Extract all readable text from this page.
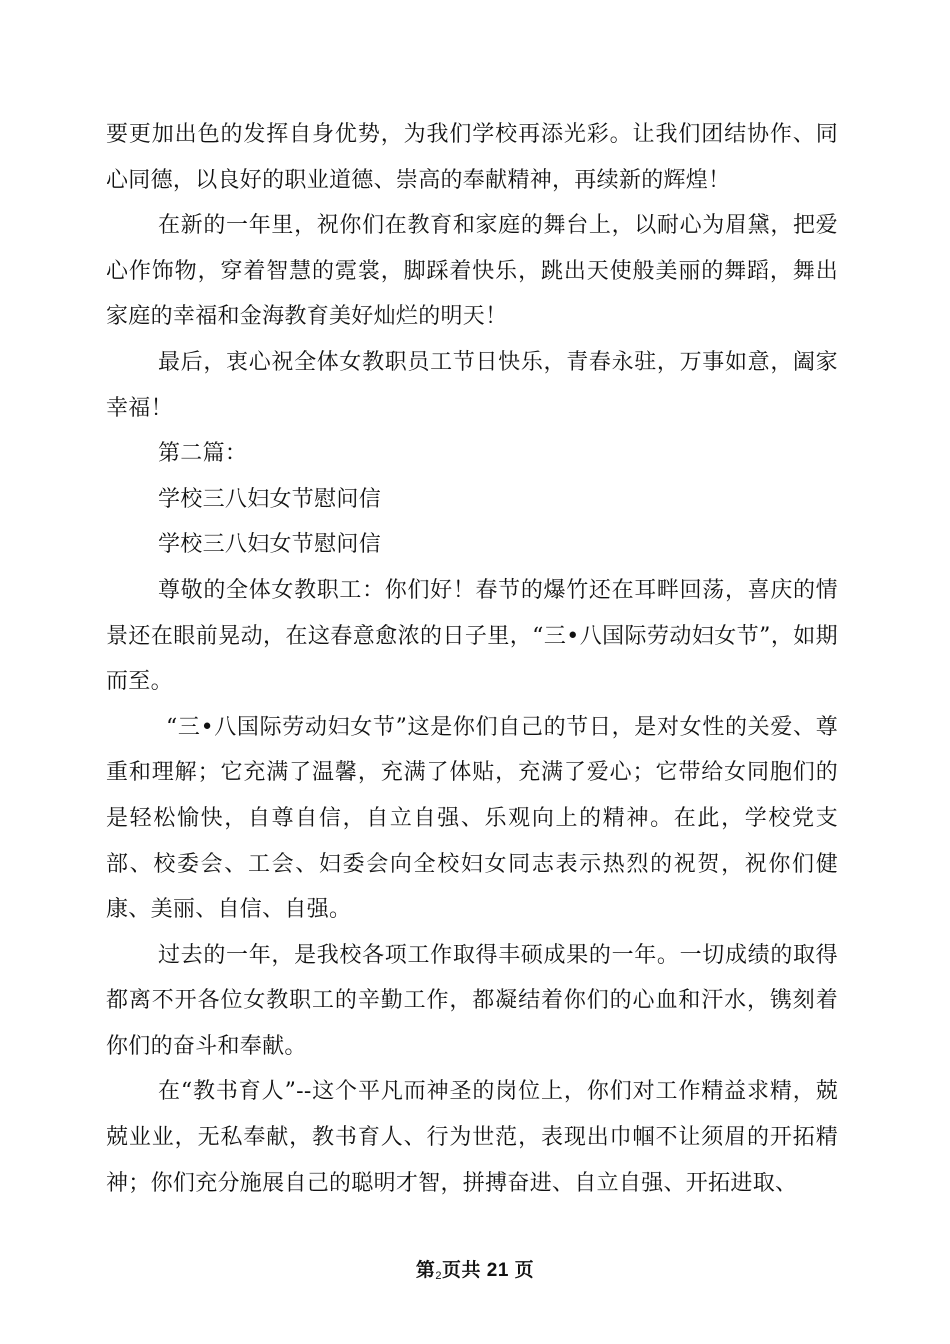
要更加出色的发挥自身优势，为我们学校再添光彩。让我们团结协作、同心同德，以良好的职业道德、崇高的奉献精神，再续新的辉煌！

在新的一年里，祝你们在教育和家庭的舞台上，以耐心为眉黛，把爱心作饰物，穿着智慧的霓裳，脚踩着快乐，跳出天使般美丽的舞蹈，舞出家庭的幸福和金海教育美好灿烂的明天！

最后，衷心祝全体女教职员工节日快乐，青春永驻，万事如意，阖家幸福！

第二篇：

学校三八妇女节慰问信

学校三八妇女节慰问信

尊敬的全体女教职工：你们好！春节的爆竹还在耳畔回荡，喜庆的情景还在眼前晃动，在这春意愈浓的日子里，“三•八国际劳动妇女节”，如期而至。

“三•八国际劳动妇女节”这是你们自己的节日，是对女性的关爱、尊重和理解；它充满了温馨，充满了体贴，充满了爱心；它带给女同胞们的是轻松愉快，自尊自信，自立自强、乐观向上的精神。在此，学校党支部、校委会、工会、妇委会向全校妇女同志表示热烈的祝贺，祝你们健康、美丽、自信、自强。

过去的一年，是我校各项工作取得丰硕成果的一年。一切成绩的取得都离不开各位女教职工的辛勤工作，都凝结着你们的心血和汗水，镌刻着你们的奋斗和奉献。

在“教书育人”--这个平凡而神圣的岗位上，你们对工作精益求精，兢兢业业，无私奉献，教书育人、行为世范，表现出巾帼不让须眉的开拓精神；你们充分施展自己的聪明才智，拼搏奋进、自立自强、开拓进取、

第$_2$页共 21 页
